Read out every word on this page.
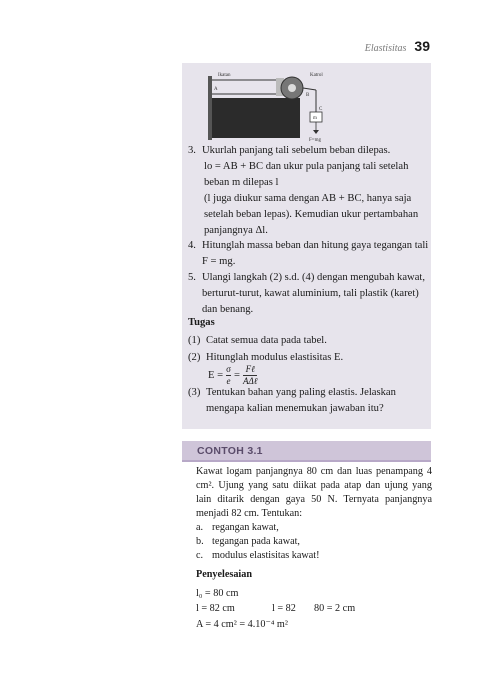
Elastisitas 39
Ikatan	Katrol
A
B
C
m
F=mg
3. Ukurlah panjang tali sebelum beban dilepas.

lo = AB + BC dan ukur pula panjang tali setelah beban m dilepas l

(l juga diukur sama dengan AB + BC, hanya saja setelah beban lepas). Kemudian ukur pertambahan panjangnya Δl.

4. Hitunglah massa beban dan hitung gaya tegangan tali F = mg.
5. Ulangi langkah (2) s.d. (4) dengan mengubah kawat, berturut-turut, kawat aluminium, tali plastik (karet) dan benang.

Tugas

(1) Catat semua data pada tabel.
(2) Hitunglah modulus elastisitas E.
$E = \frac{\sigma}{e} = \frac{\text{Fℓ}}{\text{AΔℓ}}$
(3) Tentukan bahan yang paling elastis. Jelaskan mengapa kalian menemukan jawaban itu?
CONTOH 3.1

Kawat logam panjangnya 80 cm dan luas penampang 4 cm². Ujung yang satu diikat pada atap dan ujung yang lain ditarik dengan gaya 50 N. Ternyata panjangnya menjadi 82 cm. Tentukan:

a. regangan kawat,
b. tegangan pada kawat,
c. modulus elastisitas kawat!

Penyelesaian

l₀ = 80 cm

l = 82 cm	l = 82 80 = 2 cm

A = 4 cm² = 4.10⁻⁴ m²
